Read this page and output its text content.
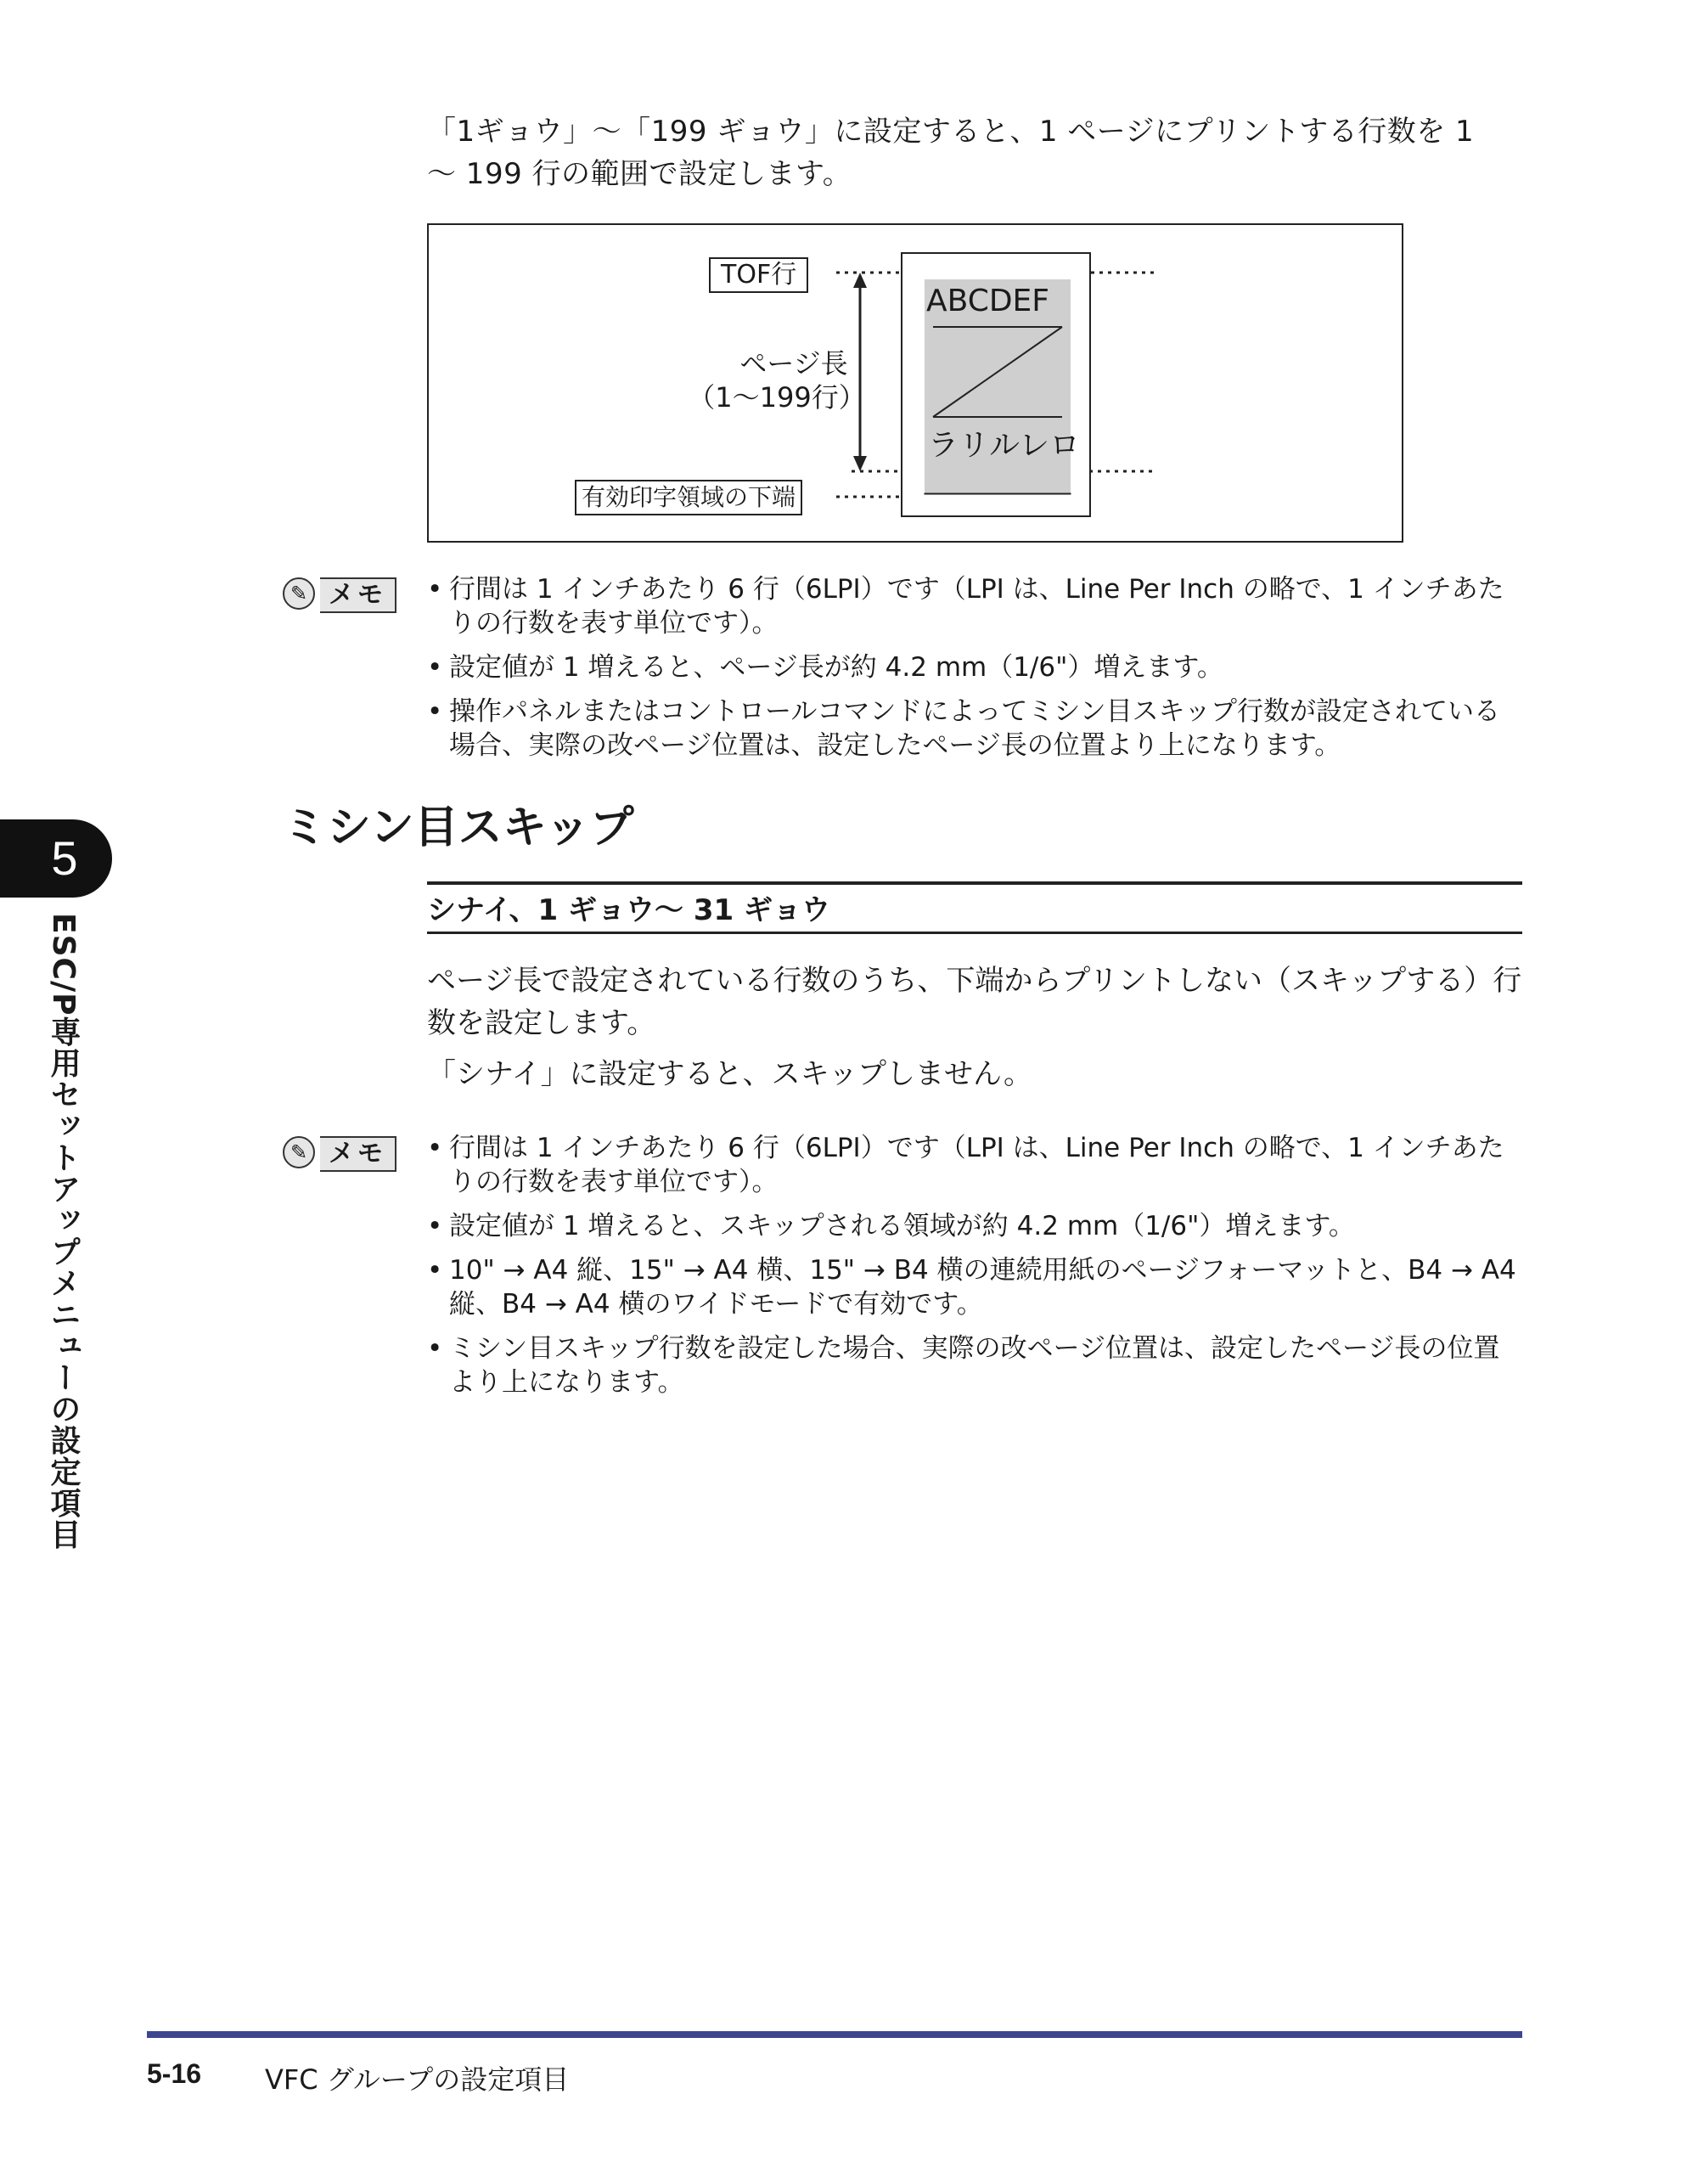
「1ギョウ」〜「199 ギョウ」に設定すると、1 ページにプリントする行数を 1

〜 199 行の範囲で設定します。

TOF行
ページ長
（1〜199行）
有効印字領域の下端
ABCDEF
ラリルレロ
✎ メモ	• 行間は 1 インチあたり 6 行（6LPI）です（LPI は、Line Per Inch の略で、1 インチあたりの行数を表す単位です）。
• 設定値が 1 増えると、ページ長が約 4.2 mm（1/6"）増えます。
• 操作パネルまたはコントロールコマンドによってミシン目スキップ行数が設定されている場合、実際の改ページ位置は、設定したページ長の位置より上になります。
ミシン目スキップ
シナイ、1 ギョウ〜 31 ギョウ

ページ長で設定されている行数のうち、下端からプリントしない（スキップする）行数を設定します。

「シナイ」に設定すると、スキップしません。

✎ メモ	• 行間は 1 インチあたり 6 行（6LPI）です（LPI は、Line Per Inch の略で、1 インチあたりの行数を表す単位です）。
• 設定値が 1 増えると、スキップされる領域が約 4.2 mm（1/6"）増えます。
• 10" → A4 縦、15" → A4 横、15" → B4 横の連続用紙のページフォーマットと、B4 → A4 縦、B4 → A4 横のワイドモードで有効です。
• ミシン目スキップ行数を設定した場合、実際の改ページ位置は、設定したページ長の位置より上になります。
5
ESC/P専用セットアップメニューの設定項目
5-16 VFC グループの設定項目
